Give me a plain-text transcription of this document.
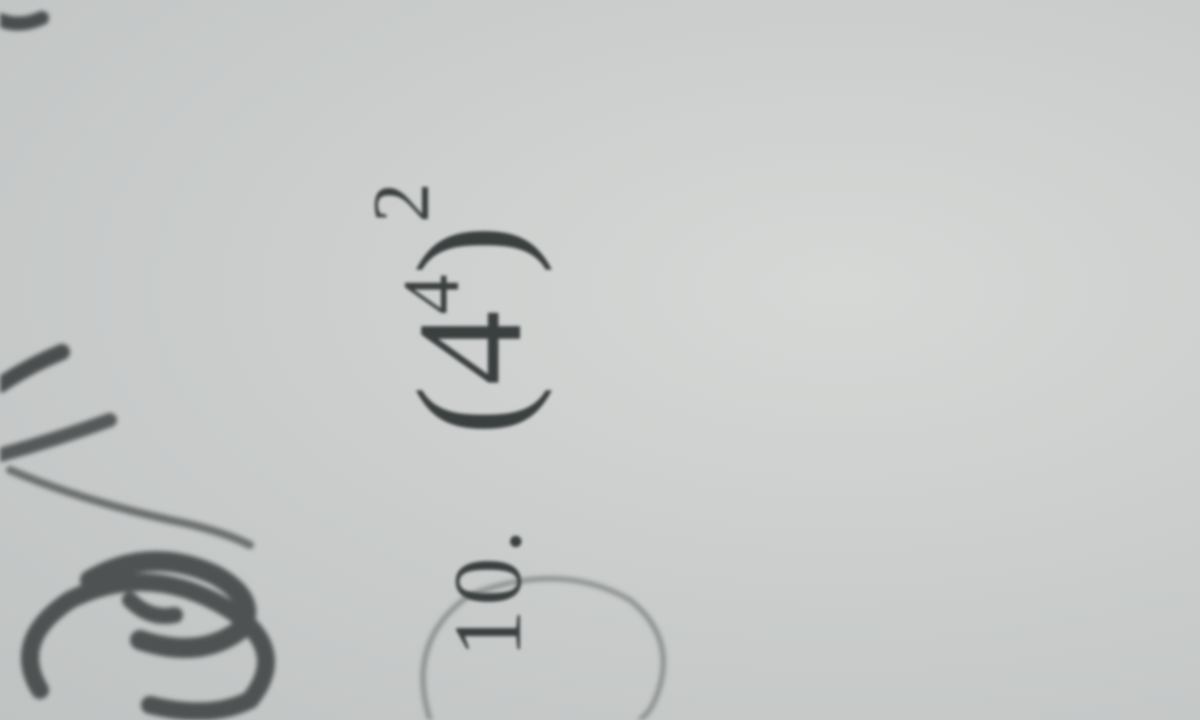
$10.(4^4)^2$
